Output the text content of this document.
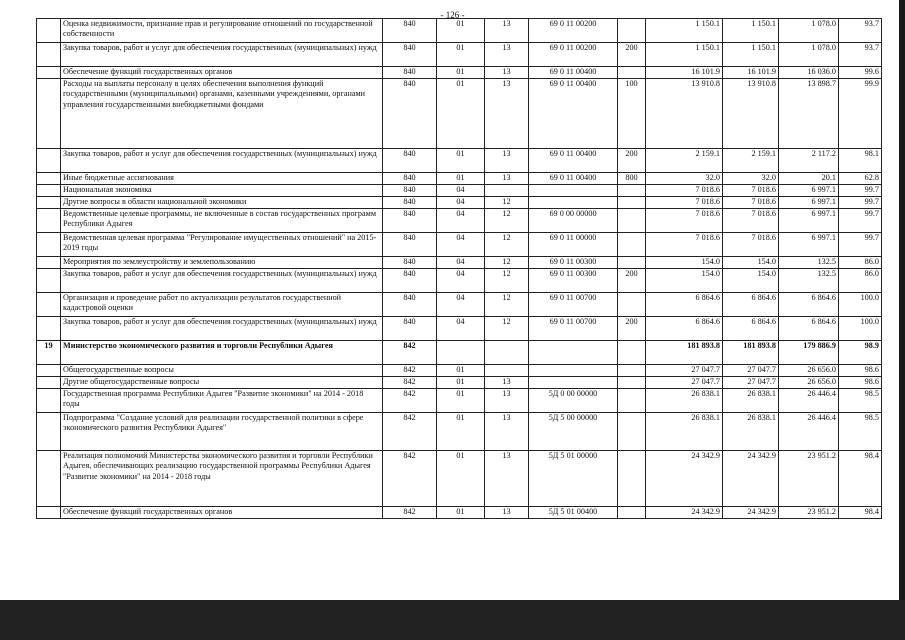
- 126 -
	Оценка недвижимости, признание прав и регулирование отношений по государственной собственности	840	01	13	69 0 11 00200		1 150.1	1 150.1	1 078.0	93.7
	Закупка товаров, работ и услуг для обеспечения государственных (муниципальных) нужд	840	01	13	69 0 11 00200	200	1 150.1	1 150.1	1 078.0	93.7
	Обеспечение функций государственных органов	840	01	13	69 0 11 00400		16 101.9	16 101.9	16 036.0	99.6
	Расходы на выплаты персоналу в целях обеспечения выполнения функций государственными (муниципальными) органами, казенными учреждениями, органами управления государственными внебюджетными фондами	840	01	13	69 0 11 00400	100	13 910.8	13 910.8	13 898.7	99.9
	Закупка товаров, работ и услуг для обеспечения государственных (муниципальных) нужд	840	01	13	69 0 11 00400	200	2 159.1	2 159.1	2 117.2	98.1
	Иные бюджетные ассигнования	840	01	13	69 0 11 00400	800	32.0	32.0	20.1	62.8
	Национальная экономика	840	04				7 018.6	7 018.6	6 997.1	99.7
	Другие вопросы в области национальной экономики	840	04	12			7 018.6	7 018.6	6 997.1	99.7
	Ведомственные целевые программы, не включенные в состав государственных программ Республики Адыгея	840	04	12	69 0 00 00000		7 018.6	7 018.6	6 997.1	99.7
	Ведомственная целевая программа "Регулирование имущественных отношений" на 2015-2019 годы	840	04	12	69 0 11 00000		7 018.6	7 018.6	6 997.1	99.7
	Мероприятия по землеустройству и землепользованию	840	04	12	69 0 11 00300		154.0	154.0	132.5	86.0
	Закупка товаров, работ и услуг для обеспечения государственных (муниципальных) нужд	840	04	12	69 0 11 00300	200	154.0	154.0	132.5	86.0
	Организация и проведение работ по актуализации результатов государственной кадастровой оценки	840	04	12	69 0 11 00700		6 864.6	6 864.6	6 864.6	100.0
	Закупка товаров, работ и услуг для обеспечения государственных (муниципальных) нужд	840	04	12	69 0 11 00700	200	6 864.6	6 864.6	6 864.6	100.0
19	Министерство экономического развития и торговли Республики Адыгея	842					181 893.8	181 893.8	179 886.9	98.9
	Общегосударственные вопросы	842	01				27 047.7	27 047.7	26 656.0	98.6
	Другие общегосударственные вопросы	842	01	13			27 047.7	27 047.7	26 656.0	98.6
	Государственная программа Республики Адыгея "Развитие экономики" на 2014 - 2018 годы	842	01	13	5Д 0 00 00000		26 838.1	26 838.1	26 446.4	98.5
	Подпрограмма "Создание условий для реализации государственной политики в сфере экономического развития Республики Адыгея"	842	01	13	5Д 5 00 00000		26 838.1	26 838.1	26 446.4	98.5
	Реализация полномочий Министерства экономического развития и торговли Республики Адыгея, обеспечивающих реализацию государственной программы Республики Адыгея "Развитие экономики" на 2014 - 2018 годы	842	01	13	5Д 5 01 00000		24 342.9	24 342.9	23 951.2	98.4
	Обеспечение функций государственных органов	842	01	13	5Д 5 01 00400		24 342.9	24 342.9	23 951.2	98.4
